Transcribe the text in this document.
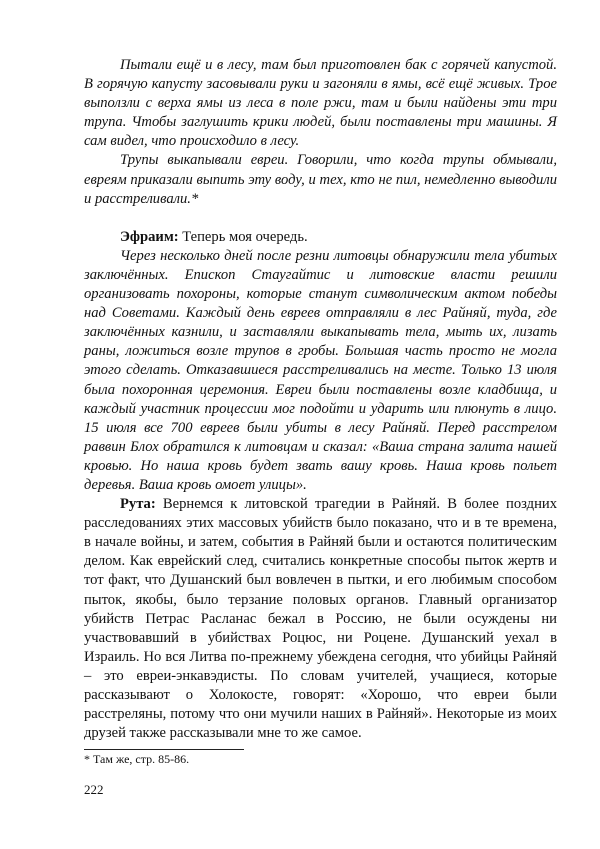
Пытали ещё и в лесу, там был приготовлен бак с горячей капустой. В горячую капусту засовывали руки и загоняли в ямы, всё ещё живых. Трое выползли с верха ямы из леса в поле ржи, там и были найдены эти три трупа. Чтобы заглушить крики людей, были поставлены три машины. Я сам видел, что происходило в лесу.

Трупы выкапывали евреи. Говорили, что когда трупы обмывали, евреям приказали выпить эту воду, и тех, кто не пил, немедленно выводили и расстреливали.*

Эфраим: Теперь моя очередь.

Через несколько дней после резни литовцы обнаружили тела убитых заключённых. Епископ Стаугайтис и литовские власти решили организовать похороны, которые станут символическим актом победы над Советами. Каждый день евреев отправляли в лес Райняй, туда, где заключённых казнили, и заставляли выкапывать тела, мыть их, лизать раны, ложиться возле трупов в гробы. Большая часть просто не могла этого сделать. Отказавшиеся расстреливались на месте. Только 13 июля была похоронная церемония. Евреи были поставлены возле кладбища, и каждый участник процессии мог подойти и ударить или плюнуть в лицо. 15 июля все 700 евреев были убиты в лесу Райняй. Перед расстрелом раввин Блох обратился к литовцам и сказал: «Ваша страна залита нашей кровью. Но наша кровь будет звать вашу кровь. Наша кровь польет деревья. Ваша кровь омоет улицы».

Рута: Вернемся к литовской трагедии в Райняй. В более поздних расследованиях этих массовых убийств было показано, что и в те времена, в начале войны, и затем, события в Райняй были и остаются политическим делом. Как еврейский след, считались конкретные способы пыток жертв и тот факт, что Душанский был вовлечен в пытки, и его любимым способом пыток, якобы, было терзание половых органов. Главный организатор убийств Петрас Расланас бежал в Россию, не были осуждены ни участвовавший в убийствах Роцюс, ни Роцене. Душанский уехал в Израиль. Но вся Литва по-прежнему убеждена сегодня, что убийцы Райняй – это евреи-энкавэдисты. По словам учителей, учащиеся, которые рассказывают о Холокосте, говорят: «Хорошо, что евреи были расстреляны, потому что они мучили наших в Райняй». Некоторые из моих друзей также рассказывали мне то же самое.

* Там же, стр. 85-86.
222
